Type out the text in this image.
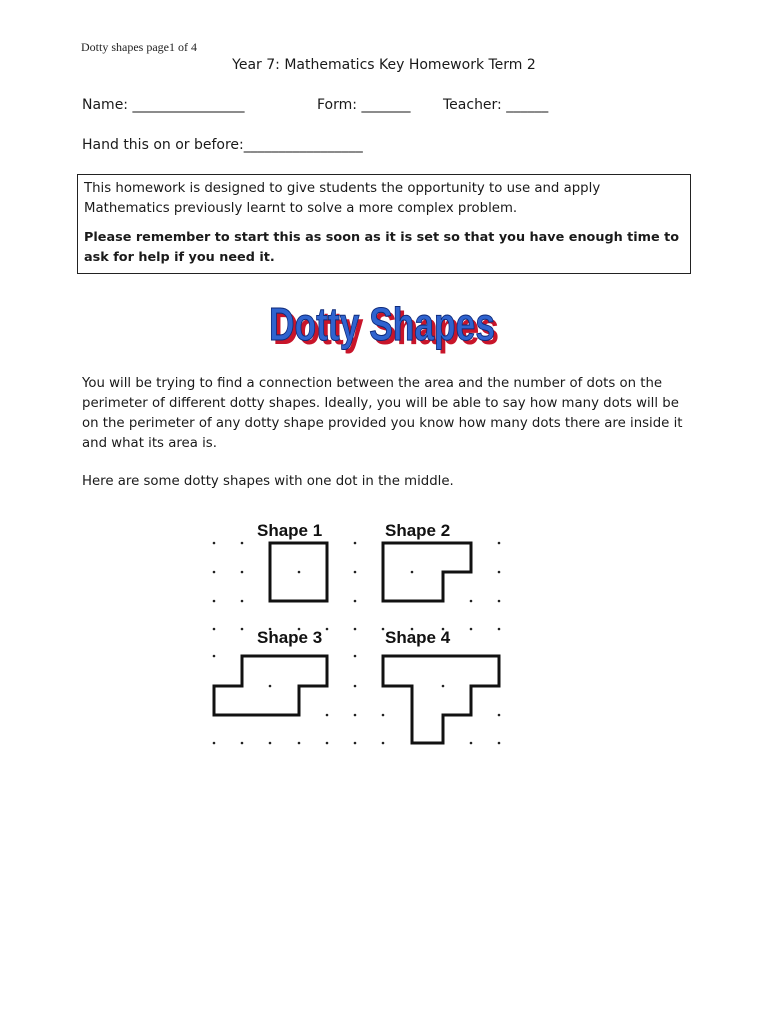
Dotty shapes page1 of 4
Year 7: Mathematics Key Homework Term 2
Name: ________________	Form: _______ Teacher: ______
Hand this on or before:_________________

This homework is designed to give students the opportunity to use and apply Mathematics previously learnt to solve a more complex problem.

Please remember to start this as soon as it is set so that you have enough time to ask for help if you need it.

Dotty Shapes
Dotty Shapes

You will be trying to find a connection between the area and the number of dots on the perimeter of different dotty shapes. Ideally, you will be able to say how many dots will be on the perimeter of any dotty shape provided you know how many dots there are inside it and what its area is.

Here are some dotty shapes with one dot in the middle.

Shape 1	Shape 2
Shape 3	Shape 4
